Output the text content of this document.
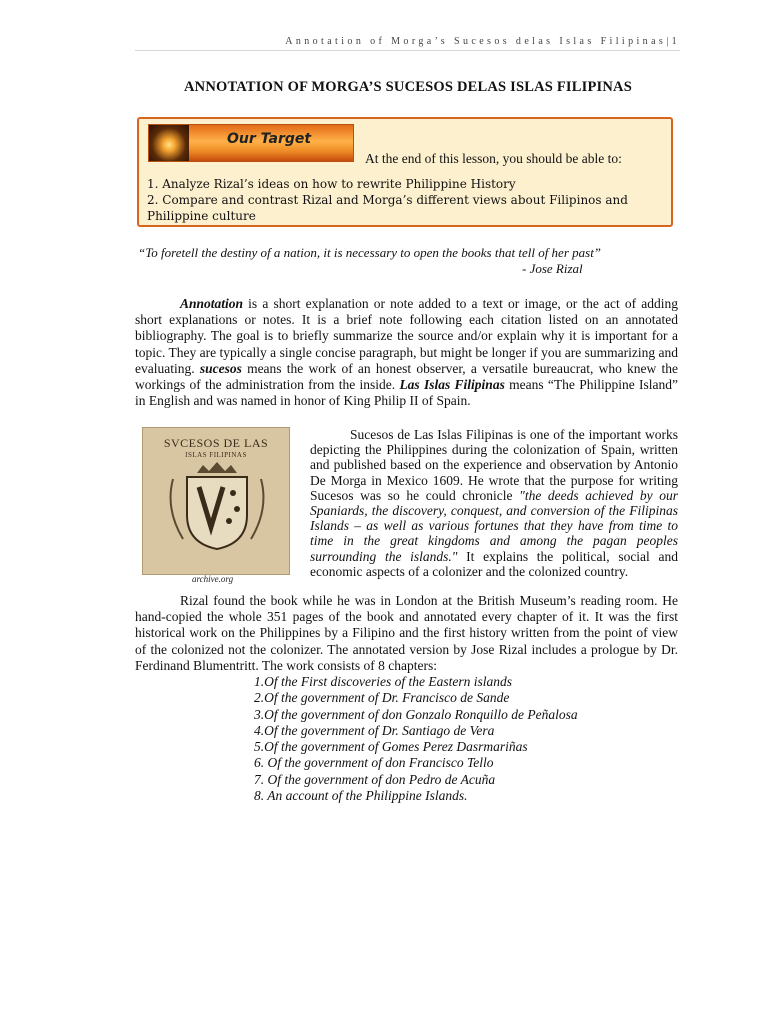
Annotation of Morga’s Sucesos delas Islas Filipinas|1
ANNOTATION OF MORGA’S SUCESOS DELAS ISLAS FILIPINAS
Our Target
At the end of this lesson, you should be able to:
1. Analyze Rizal’s ideas on how to rewrite Philippine History
2. Compare and contrast Rizal and Morga’s different views about Filipinos and Philippine culture
“To foretell the destiny of a nation, it is necessary to open the books that tell of her past”
- Jose Rizal
Annotation is a short explanation or note added to a text or image, or the act of adding short explanations or notes. It is a brief note following each citation listed on an annotated bibliography. The goal is to briefly summarize the source and/or explain why it is important for a topic. They are typically a single concise paragraph, but might be longer if you are summarizing and evaluating. sucesos means the work of an honest observer, a versatile bureaucrat, who knew the workings of the administration from the inside. Las Islas Filipinas means “The Philippine Island” in English and was named in honor of King Philip II of Spain.
SVCESOS DE LAS
ISLAS FILIPINAS
archive.org
Sucesos de Las Islas Filipinas is one of the important works depicting the Philippines during the colonization of Spain, written and published based on the experience and observation by Antonio De Morga in Mexico 1609. He wrote that the purpose for writing Sucesos was so he could chronicle "the deeds achieved by our Spaniards, the discovery, conquest, and conversion of the Filipinas Islands – as well as various fortunes that they have from time to time in the great kingdoms and among the pagan peoples surrounding the islands." It explains the political, social and economic aspects of a colonizer and the colonized country.
Rizal found the book while he was in London at the British Museum’s reading room. He hand-copied the whole 351 pages of the book and annotated every chapter of it. It was the first historical work on the Philippines by a Filipino and the first history written from the point of view of the colonized not the colonizer. The annotated version by Jose Rizal includes a prologue by Dr. Ferdinand Blumentritt. The work consists of 8 chapters:
1.Of the First discoveries of the Eastern islands
2.Of the government of Dr. Francisco de Sande
3.Of the government of don Gonzalo Ronquillo de Peñalosa
4.Of the government of Dr. Santiago de Vera
5.Of the government of Gomes Perez Dasrmariñas
6. Of the government of don Francisco Tello
7. Of the government of don Pedro de Acuña
8. An account of the Philippine Islands.
